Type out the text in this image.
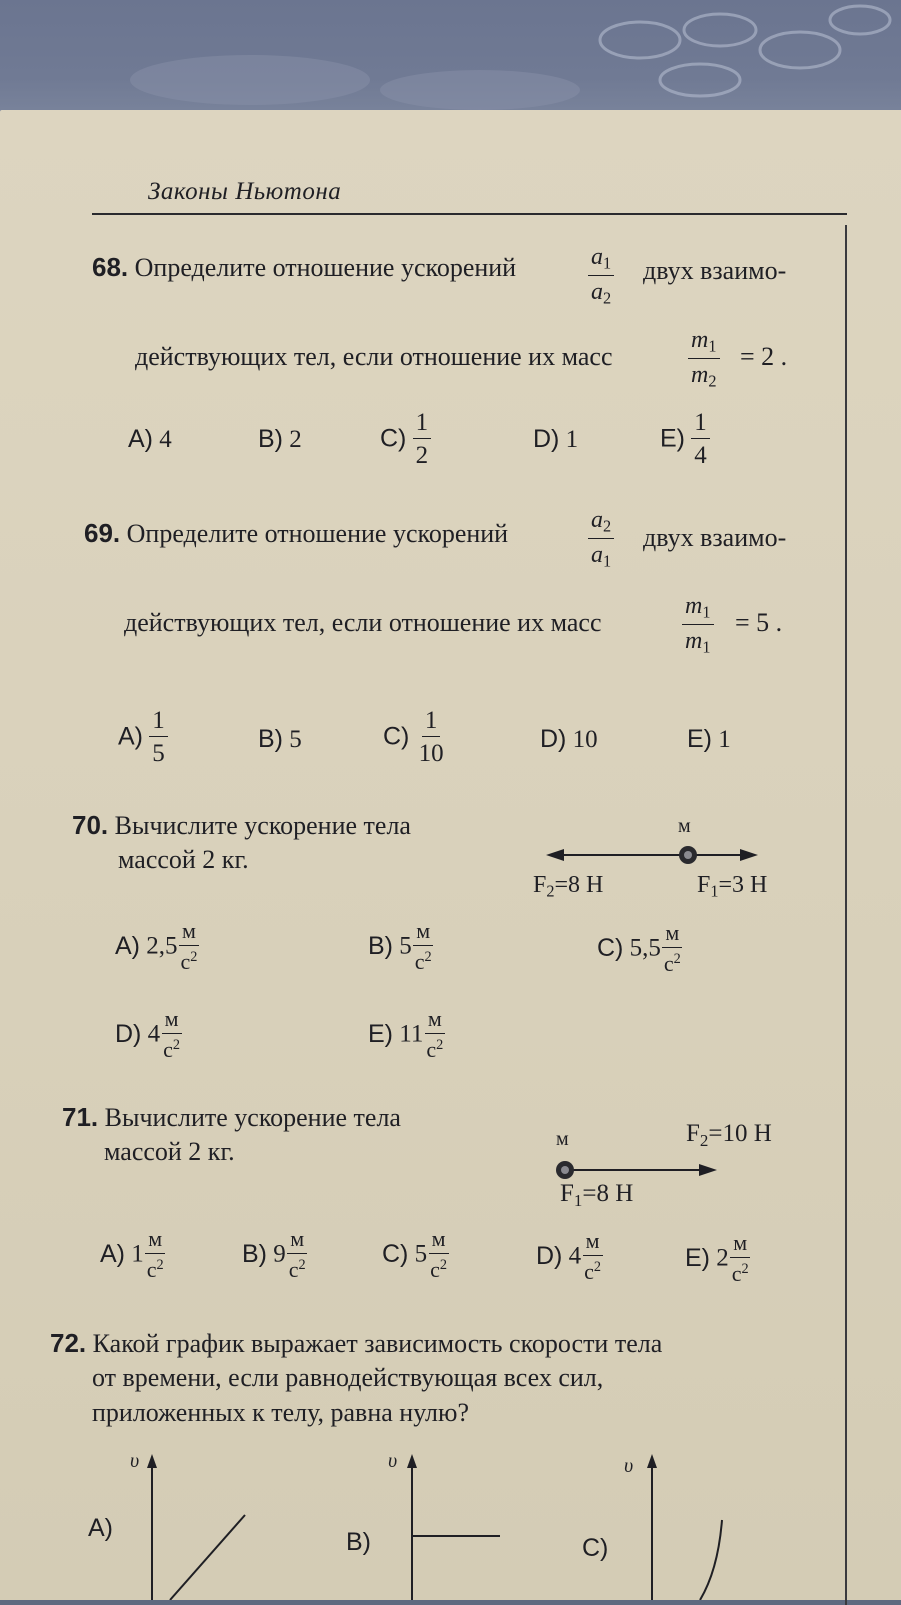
Законы Ньютона
68. Определите отношение ускорений	$\frac{a_1}{a_2}$ двух взаимо-
действующих тел, если отношение их масс	$\frac{m_1}{m_2} = 2$ .
A) 4	B) 2	$C) \frac{1}{2}$	D) 1	$E) \frac{1}{4}$
69. Определите отношение ускорений	$\frac{a_2}{a_1}$ двух взаимо-
действующих тел, если отношение их масс	$\frac{m_1}{m_1} = 5$ .
$A) \frac{1}{5}$	B) 5	$C) \frac{1}{10}$	D) 10	E) 1
70. Вычислите ускорение тела
массой 2 кг.
м
$F_2=8$ Н	$F_1=3$ Н
A) $2,5 \frac{м}{с^2}$	B) $5 \frac{м}{с^2}$	C) $5,5 \frac{м}{с^2}$
D) $4 \frac{м}{с^2}$	E) $11 \frac{м}{с^2}$
71. Вычислите ускорение тела
массой 2 кг.	м	$F_2=10$ Н
$F_1=8$ Н
A) $1 \frac{м}{с^2}$	B) $9 \frac{м}{с^2}$	C) $5 \frac{м}{с^2}$	D) $4 \frac{м}{с^2}$	E) $2 \frac{м}{с^2}$
72. Какой график выражает зависимость скорости тела
от времени, если равнодействующая всех сил,
приложенных к телу, равна нулю?
υ
A)
υ
B)
υ
C)
